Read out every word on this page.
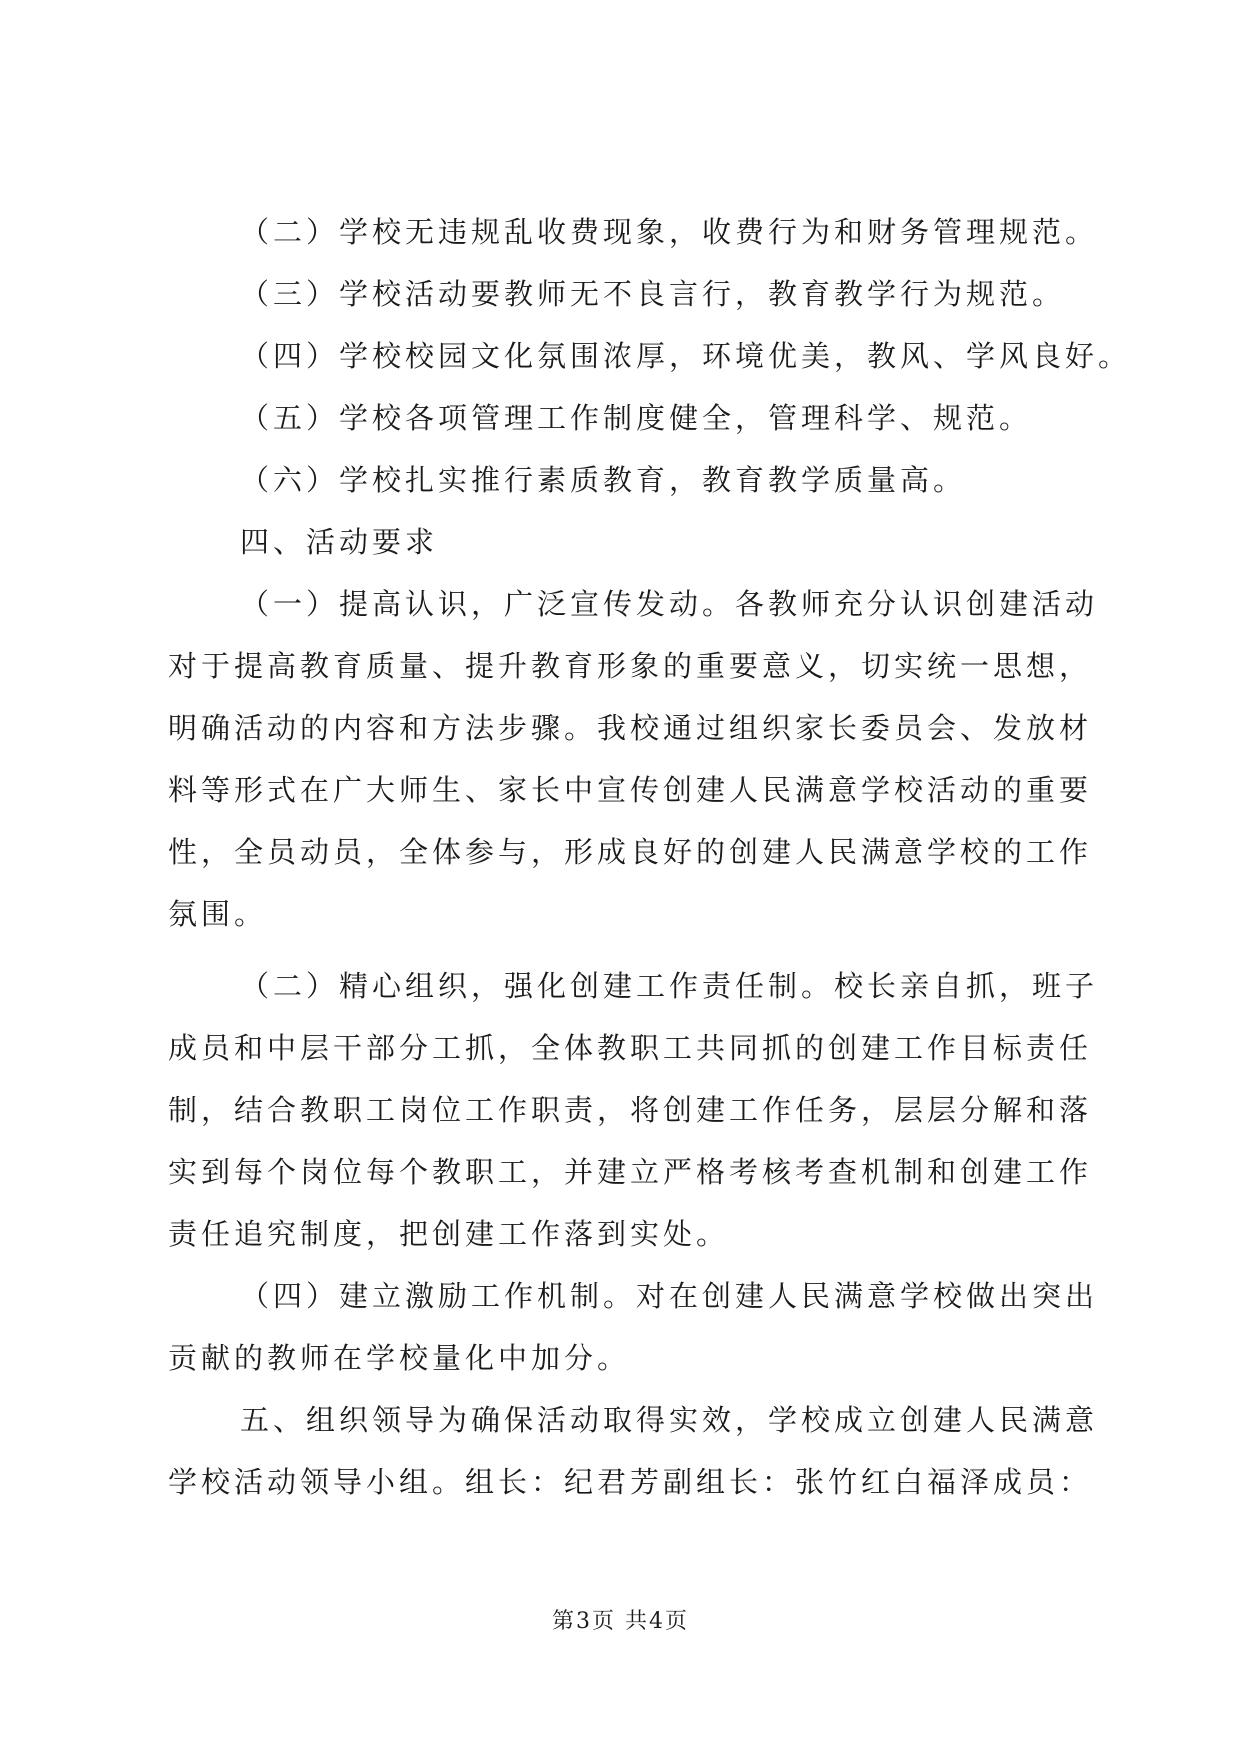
（二）学校无违规乱收费现象，收费行为和财务管理规范。
（三）学校活动要教师无不良言行，教育教学行为规范。
（四）学校校园文化氛围浓厚，环境优美，教风、学风良好。
（五）学校各项管理工作制度健全，管理科学、规范。
（六）学校扎实推行素质教育，教育教学质量高。
四、活动要求
（一）提高认识，广泛宣传发动。各教师充分认识创建活动
对于提高教育质量、提升教育形象的重要意义，切实统一思想，
明确活动的内容和方法步骤。我校通过组织家长委员会、发放材
料等形式在广大师生、家长中宣传创建人民满意学校活动的重要
性，全员动员，全体参与，形成良好的创建人民满意学校的工作
氛围。
（二）精心组织，强化创建工作责任制。校长亲自抓，班子
成员和中层干部分工抓，全体教职工共同抓的创建工作目标责任
制，结合教职工岗位工作职责，将创建工作任务，层层分解和落
实到每个岗位每个教职工，并建立严格考核考查机制和创建工作
责任追究制度，把创建工作落到实处。
（四）建立激励工作机制。对在创建人民满意学校做出突出
贡献的教师在学校量化中加分。
五、组织领导为确保活动取得实效，学校成立创建人民满意
学校活动领导小组。组长：纪君芳副组长：张竹红白福泽成员：
第3页 共4页
